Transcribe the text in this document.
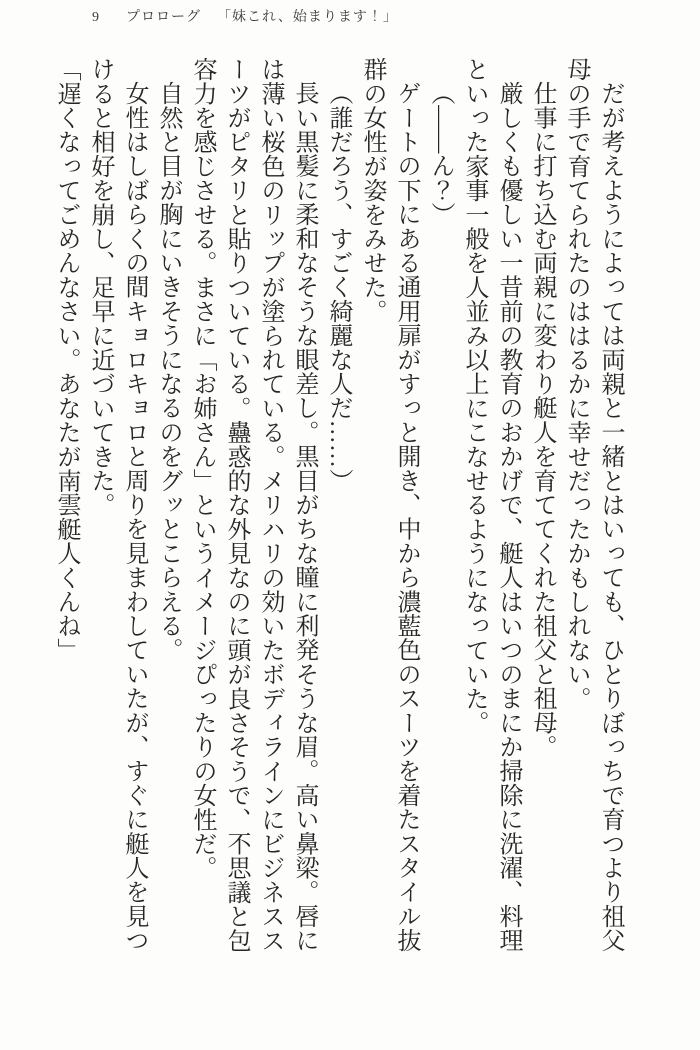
9 プロローグ 「妹これ、始まります！」

だが考えようによっては両親と一緒とはいっても、ひとりぼっちで育つより祖父母の手で育てられたのははるかに幸せだったかもしれない。

仕事に打ち込む両親に変わり艇人を育ててくれた祖父と祖母。

厳しくも優しい一昔前の教育のおかげで、艇人はいつのまにか掃除に洗濯、料理といった家事一般を人並み以上にこなせるようになっていた。

（――ん？）

ゲートの下にある通用扉がすっと開き、中から濃藍色のスーツを着たスタイル抜群の女性が姿をみせた。

（誰だろう、すごく綺麗な人だ……）

長い黒髪に柔和なそうな眼差し。黒目がちな瞳に利発そうな眉。高い鼻梁。唇には薄い桜色のリップが塗られている。メリハリの効いたボディラインにビジネススーツがピタリと貼りついている。蠱惑的な外見なのに頭が良さそうで、不思議と包容力を感じさせる。まさに「お姉さん」というイメージぴったりの女性だ。

自然と目が胸にいきそうになるのをグッとこらえる。

女性はしばらくの間キョロキョロと周りを見まわしていたが、すぐに艇人を見つけると相好を崩し、足早に近づいてきた。

「遅くなってごめんなさい。あなたが南雲艇人くんね」
